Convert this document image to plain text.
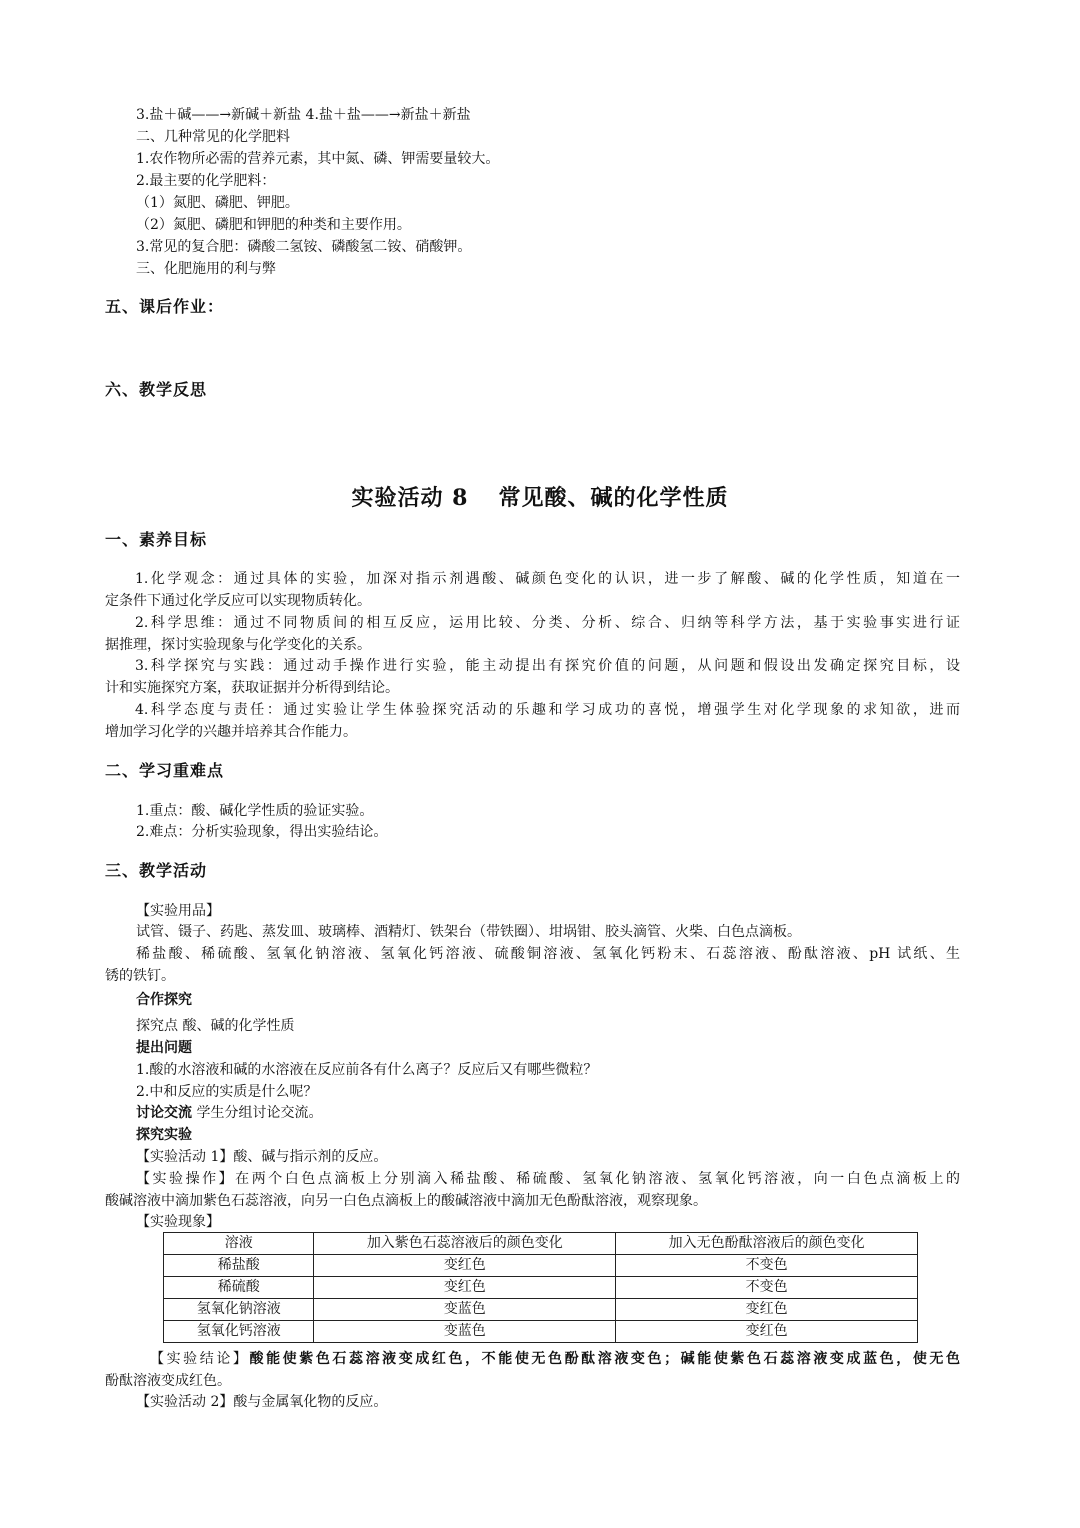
3.盐＋碱——→新碱＋新盐 4.盐＋盐——→新盐＋新盐
二、几种常见的化学肥料
1.农作物所必需的营养元素，其中氮、磷、钾需要量较大。
2.最主要的化学肥料：
（1）氮肥、磷肥、钾肥。
（2）氮肥、磷肥和钾肥的种类和主要作用。
3.常见的复合肥：磷酸二氢铵、磷酸氢二铵、硝酸钾。
三、化肥施用的利与弊
五、课后作业：
六、教学反思
实验活动 8 常见酸、碱的化学性质
一、素养目标
1.化学观念：通过具体的实验，加深对指示剂遇酸、碱颜色变化的认识，进一步了解酸、碱的化学性质，知道在一
定条件下通过化学反应可以实现物质转化。
2.科学思维：通过不同物质间的相互反应，运用比较、分类、分析、综合、归纳等科学方法，基于实验事实进行证
据推理，探讨实验现象与化学变化的关系。
3.科学探究与实践：通过动手操作进行实验，能主动提出有探究价值的问题，从问题和假设出发确定探究目标，设
计和实施探究方案，获取证据并分析得到结论。
4.科学态度与责任：通过实验让学生体验探究活动的乐趣和学习成功的喜悦，增强学生对化学现象的求知欲，进而
增加学习化学的兴趣并培养其合作能力。
二、学习重难点
1.重点：酸、碱化学性质的验证实验。
2.难点：分析实验现象，得出实验结论。
三、教学活动
【实验用品】
试管、镊子、药匙、蒸发皿、玻璃棒、酒精灯、铁架台（带铁圈）、坩埚钳、胶头滴管、火柴、白色点滴板。
稀盐酸、稀硫酸、氢氧化钠溶液、氢氧化钙溶液、硫酸铜溶液、氢氧化钙粉末、石蕊溶液、酚酞溶液、pH 试纸、生
锈的铁钉。
合作探究
探究点 酸、碱的化学性质
提出问题
1.酸的水溶液和碱的水溶液在反应前各有什么离子？反应后又有哪些微粒？
2.中和反应的实质是什么呢？
讨论交流 学生分组讨论交流。
探究实验
【实验活动 1】酸、碱与指示剂的反应。
【实验操作】在两个白色点滴板上分别滴入稀盐酸、稀硫酸、氢氧化钠溶液、氢氧化钙溶液，向一白色点滴板上的
酸碱溶液中滴加紫色石蕊溶液，向另一白色点滴板上的酸碱溶液中滴加无色酚酞溶液，观察现象。
【实验现象】
溶液	加入紫色石蕊溶液后的颜色变化	加入无色酚酞溶液后的颜色变化
稀盐酸	变红色	不变色
稀硫酸	变红色	不变色
氢氧化钠溶液	变蓝色	变红色
氢氧化钙溶液	变蓝色	变红色
【实验结论】酸能使紫色石蕊溶液变成红色，不能使无色酚酞溶液变色；碱能使紫色石蕊溶液变成蓝色，使无色
酚酞溶液变成红色。
【实验活动 2】酸与金属氧化物的反应。
